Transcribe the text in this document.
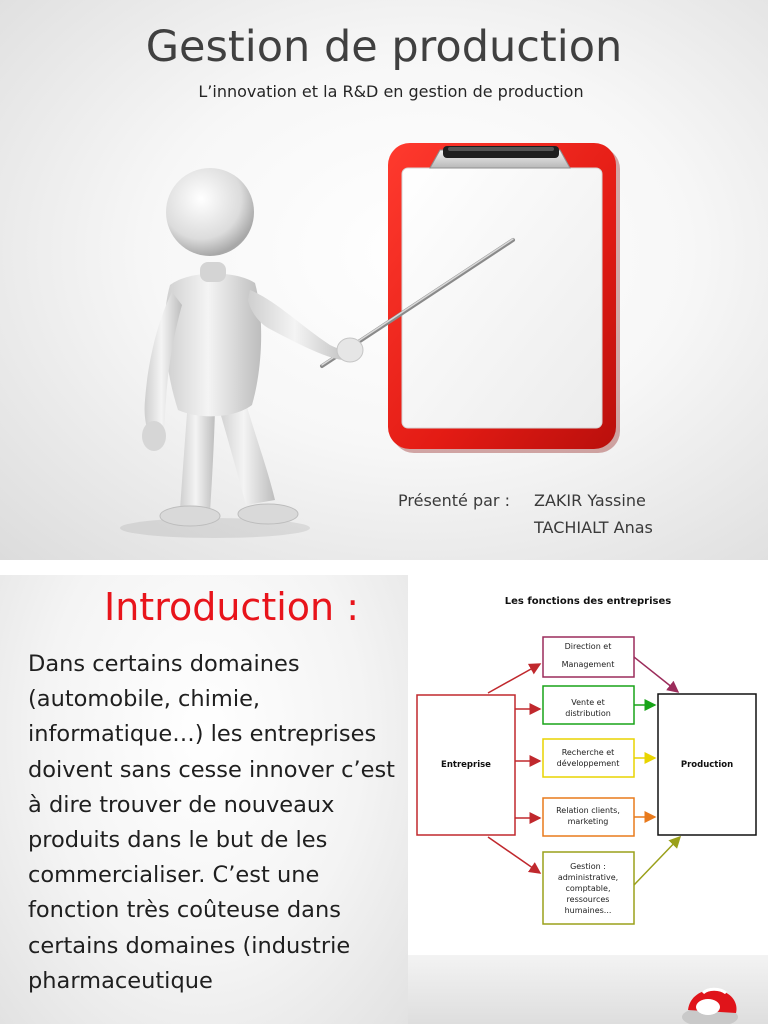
Gestion de production
L’innovation et la R&D en gestion de production
Présenté par : ZAKIR Yassine
TACHIALT Anas
Introduction :

Dans certains domaines (automobile, chimie, informatique…) les entreprises doivent sans cesse innover c’est à dire trouver de nouveaux produits dans le but de les commercialiser. C’est une fonction très coûteuse dans certains domaines (industrie pharmaceutique

Les fonctions des entreprises
Entreprise	Production
Direction et
Management
Vente et
distribution
Recherche et
développement
Relation clients,
marketing
Gestion :
administrative,
comptable,
ressources
humaines...
